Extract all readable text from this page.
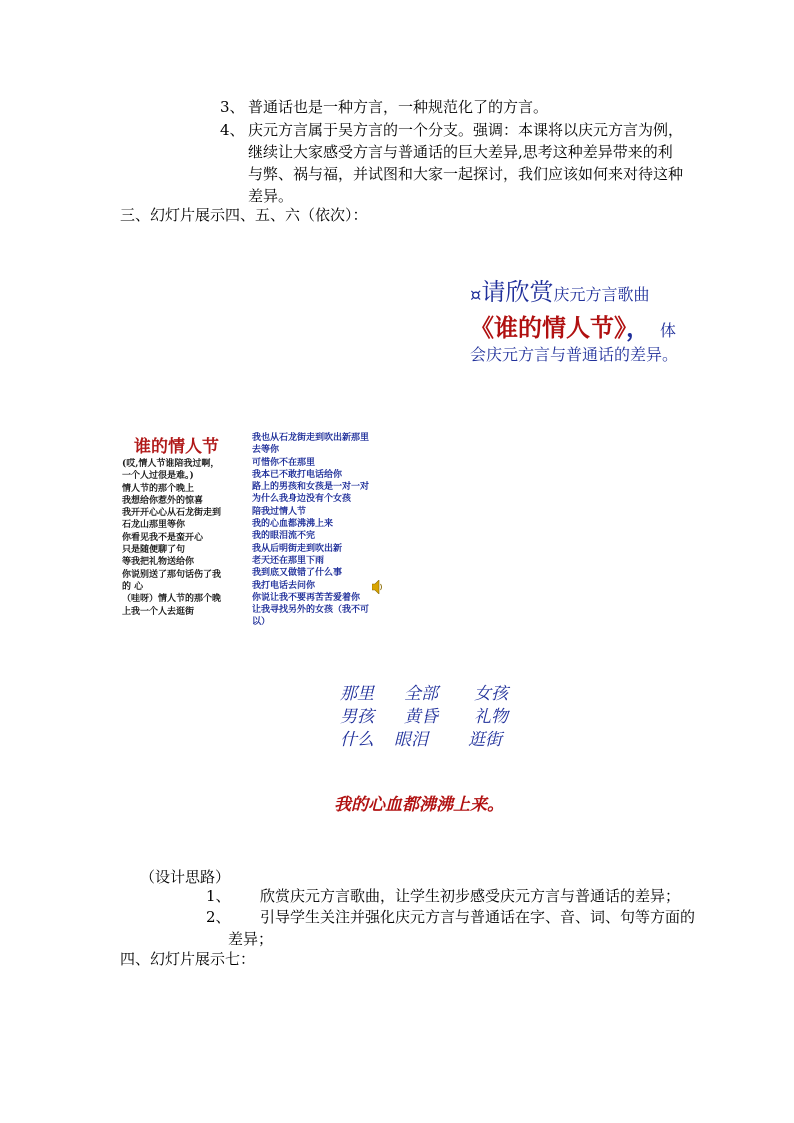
3、 普通话也是一种方言，一种规范化了的方言。
4、 庆元方言属于吴方言的一个分支。强调：本课将以庆元方言为例，
继续让大家感受方言与普通话的巨大差异,思考这种差异带来的利
与弊、祸与福，并试图和大家一起探讨，我们应该如何来对待这种
差异。
三、幻灯片展示四、五、六（依次）：
¤请欣赏庆元方言歌曲
《谁的情人节》， 体
会庆元方言与普通话的差异。
谁的情人节
(哎,情人节谁陪我过啊，
一个人过很是难。)
情人节的那个晚上
我想给你惹外的惊喜
我开开心心从石龙街走到
石龙山那里等你
你看见我不是蛮开心
只是随便聊了句
等我把礼物送给你
你说别送了那句话伤了我
的 心
（哇呀）情人节的那个晚
上我一个人去逛街
我也从石龙街走到吹出新那里
去等你
可惜你不在那里
我本已不敢打电话给你
路上的男孩和女孩是一对一对
为什么我身边没有个女孩
陪我过情人节
我的心血都沸沸上来
我的眼泪流不完
我从后明街走到吹出新
老天还在那里下雨
我到底又做错了什么事
我打电话去问你
你说让我不要再苦苦爱着你
让我寻找另外的女孩（我不可
以）
那里 全部 女孩
男孩 黄昏 礼物
什么 眼泪 逛街
我的心血都沸沸上来。
（设计思路）
1、 欣赏庆元方言歌曲，让学生初步感受庆元方言与普通话的差异；
2、 引导学生关注并强化庆元方言与普通话在字、音、词、句等方面的
差异；
四、幻灯片展示七：
